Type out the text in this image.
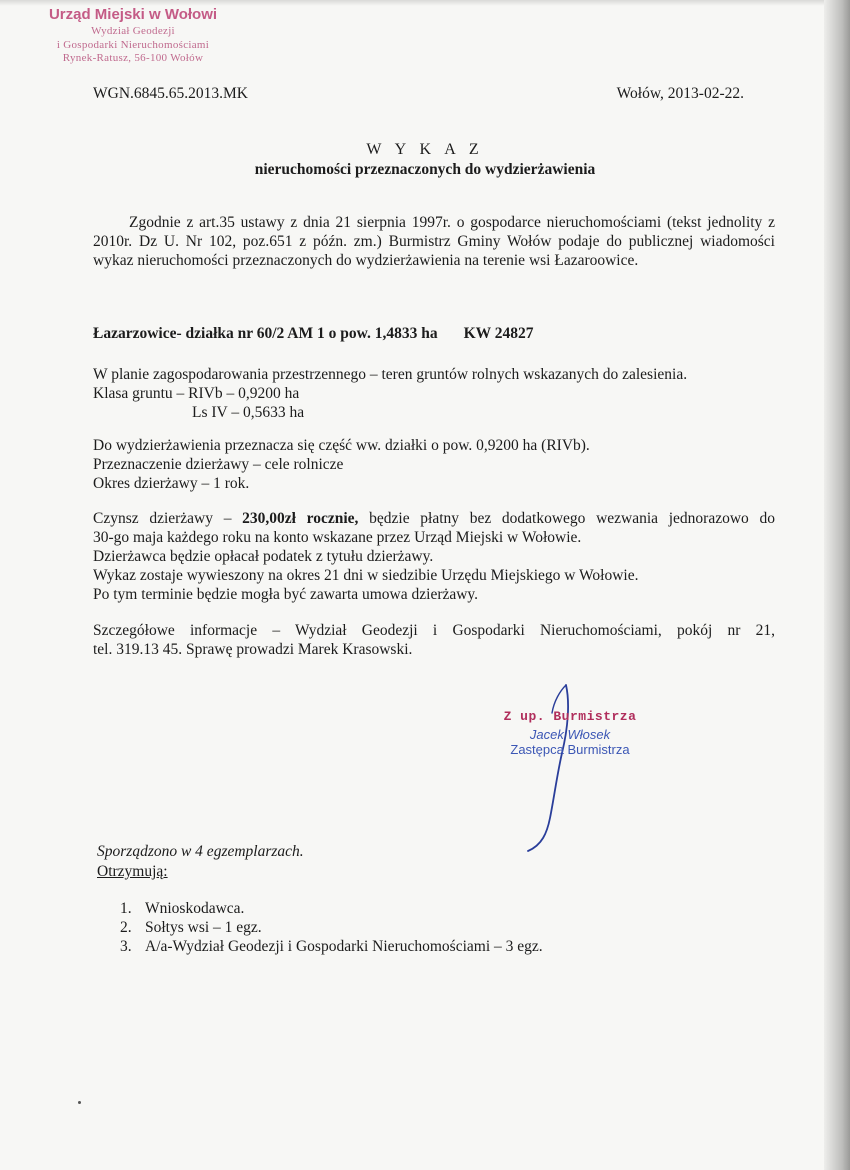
Urząd Miejski w Wołowi
Wydział Geodezji
i Gospodarki Nieruchomościami
Rynek-Ratusz, 56-100 Wołów
WGN.6845.65.2013.MK	Wołów, 2013-02-22.
W Y K A Z
nieruchomości przeznaczonych do wydzierżawienia
Zgodnie z art.35 ustawy z dnia 21 sierpnia 1997r. o gospodarce nieruchomościami (tekst jednolity z 2010r. Dz U. Nr 102, poz.651 z późn. zm.) Burmistrz Gminy Wołów podaje do publicznej wiadomości wykaz nieruchomości przeznaczonych do wydzierżawienia na terenie wsi Łazaroowice.
Łazarzowice- działka nr 60/2 AM 1 o pow. 1,4833 ha KW 24827
W planie zagospodarowania przestrzennego – teren gruntów rolnych wskazanych do zalesienia.
Klasa gruntu – RIVb – 0,9200 ha
Ls IV – 0,5633 ha
Do wydzierżawienia przeznacza się część ww. działki o pow. 0,9200 ha (RIVb).
Przeznaczenie dzierżawy – cele rolnicze
Okres dzierżawy – 1 rok.
Czynsz dzierżawy – 230,00zł rocznie, będzie płatny bez dodatkowego wezwania jednorazowo do
30-go maja każdego roku na konto wskazane przez Urząd Miejski w Wołowie.
Dzierżawca będzie opłacał podatek z tytułu dzierżawy.
Wykaz zostaje wywieszony na okres 21 dni w siedzibie Urzędu Miejskiego w Wołowie.
Po tym terminie będzie mogła być zawarta umowa dzierżawy.
Szczegółowe informacje – Wydział Geodezji i Gospodarki Nieruchomościami, pokój nr 21,
tel. 319.13 45. Sprawę prowadzi Marek Krasowski.
Z up. Burmistrza
Jacek Włosek
Zastępca Burmistrza
Sporządzono w 4 egzemplarzach.
Otrzymują:
1. Wnioskodawca.
2. Sołtys wsi – 1 egz.
3. A/a-Wydział Geodezji i Gospodarki Nieruchomościami – 3 egz.
